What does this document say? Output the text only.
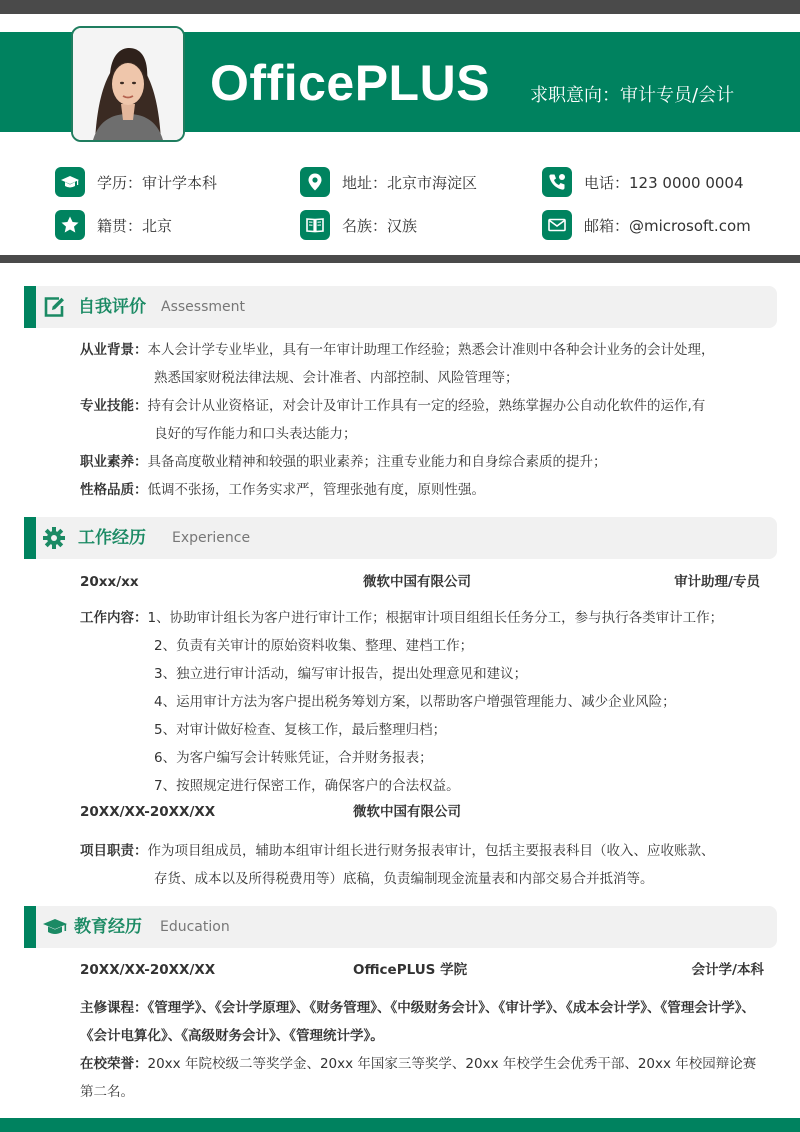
OfficePLUS 求职意向：审计专员/会计
学历：审计学本科	地址：北京市海淀区	电话：123 0000 0004
籍贯：北京	名族：汉族	邮箱：@microsoft.com
自我评价 Assessment
从业背景：本人会计学专业毕业，具有一年审计助理工作经验；熟悉会计准则中各种会计业务的会计处理，
熟悉国家财税法律法规、会计准者、内部控制、风险管理等；
专业技能：持有会计从业资格证，对会计及审计工作具有一定的经验，熟练掌握办公自动化软件的运作,有
良好的写作能力和口头表达能力；
职业素养：具备高度敬业精神和较强的职业素养；注重专业能力和自身综合素质的提升；
性格品质：低调不张扬，工作务实求严，管理张弛有度，原则性强。
工作经历 Experience
20xx/xx	微软中国有限公司	审计助理/专员
工作内容：1、协助审计组长为客户进行审计工作；根据审计项目组组长任务分工，参与执行各类审计工作；
2、负责有关审计的原始资料收集、整理、建档工作；
3、独立进行审计活动，编写审计报告，提出处理意见和建议；
4、运用审计方法为客户提出税务筹划方案，以帮助客户增强管理能力、减少企业风险；
5、对审计做好检查、复核工作，最后整理归档；
6、为客户编写会计转账凭证，合并财务报表；
7、按照规定进行保密工作，确保客户的合法权益。
20XX/XX-20XX/XX	微软中国有限公司
项目职责：作为项目组成员，辅助本组审计组长进行财务报表审计，包括主要报表科目（收入、应收账款、
存货、成本以及所得税费用等）底稿，负责编制现金流量表和内部交易合并抵消等。
教育经历 Education
20XX/XX-20XX/XX	OfficePLUS 学院	会计学/本科
主修课程：《管理学》、《会计学原理》、《财务管理》、《中级财务会计》、《审计学》、《成本会计学》、《管理会计学》、
《会计电算化》、《高级财务会计》、《管理统计学》。
在校荣誉：20xx 年院校级二等奖学金、20xx 年国家三等奖学、20xx 年校学生会优秀干部、20xx 年校园辩论赛
第二名。
